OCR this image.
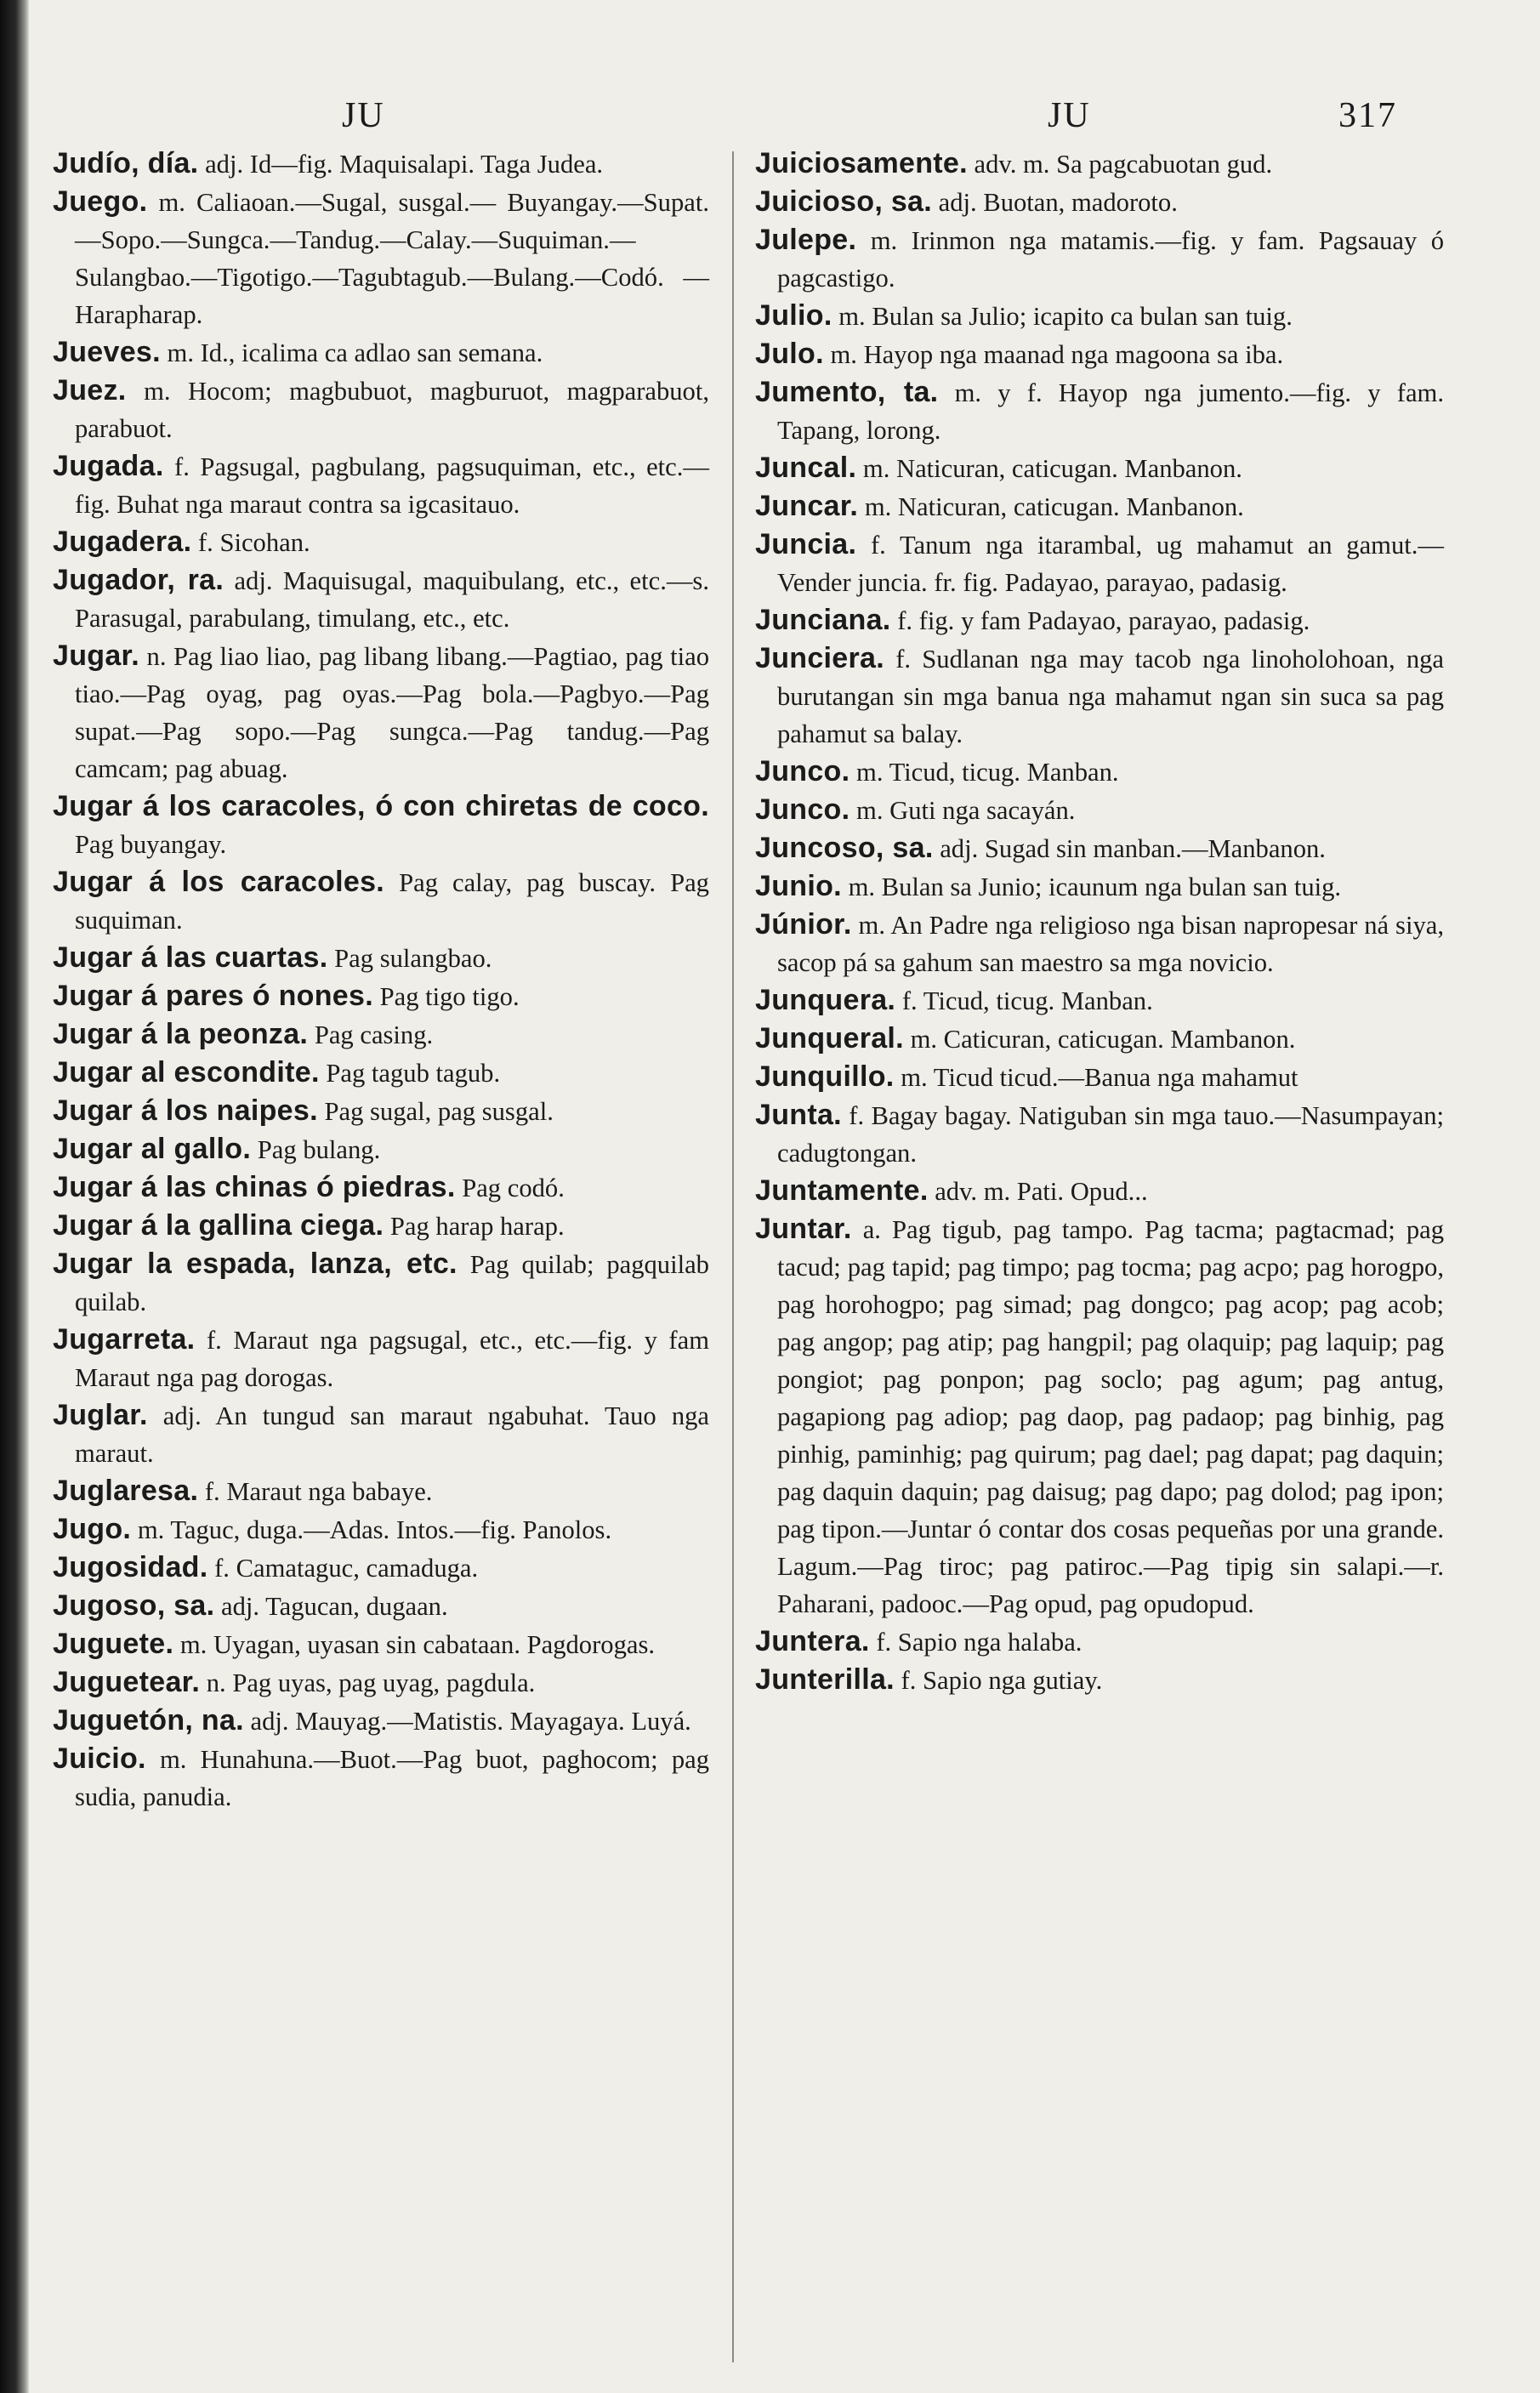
JU	JU	317

Judío, día. adj. Id—fig. Maquisalapi. Taga Judea.

Juego. m. Caliaoan.—Sugal, susgal.— Buyangay.—Supat.—Sopo.—Sungca.—Tandug.—Calay.—Suquiman.—Sulangbao.—Tigotigo.—Tagubtagub.—Bulang.—Codó. —Harapharap.

Jueves. m. Id., icalima ca adlao san semana.

Juez. m. Hocom; magbubuot, magburuot, magparabuot, parabuot.

Jugada. f. Pagsugal, pagbulang, pagsuquiman, etc., etc.—fig. Buhat nga maraut contra sa igcasitauo.

Jugadera. f. Sicohan.

Jugador, ra. adj. Maquisugal, maquibulang, etc., etc.—s. Parasugal, parabulang, timulang, etc., etc.

Jugar. n. Pag liao liao, pag libang libang.—Pagtiao, pag tiao tiao.—Pag oyag, pag oyas.—Pag bola.—Pagbyo.—Pag supat.—Pag sopo.—Pag sungca.—Pag tandug.—Pag camcam; pag abuag.

Jugar á los caracoles, ó con chiretas de coco. Pag buyangay.

Jugar á los caracoles. Pag calay, pag buscay. Pag suquiman.

Jugar á las cuartas. Pag sulangbao.

Jugar á pares ó nones. Pag tigo tigo.

Jugar á la peonza. Pag casing.

Jugar al escondite. Pag tagub tagub.

Jugar á los naipes. Pag sugal, pag susgal.

Jugar al gallo. Pag bulang.

Jugar á las chinas ó piedras. Pag codó.

Jugar á la gallina ciega. Pag harap harap.

Jugar la espada, lanza, etc. Pag quilab; pagquilab quilab.

Jugarreta. f. Maraut nga pagsugal, etc., etc.—fig. y fam Maraut nga pag dorogas.

Juglar. adj. An tungud san maraut ngabuhat. Tauo nga maraut.

Juglaresa. f. Maraut nga babaye.

Jugo. m. Taguc, duga.—Adas. Intos.—fig. Panolos.

Jugosidad. f. Camataguc, camaduga.

Jugoso, sa. adj. Tagucan, dugaan.

Juguete. m. Uyagan, uyasan sin cabataan. Pagdorogas.

Juguetear. n. Pag uyas, pag uyag, pagdula.

Juguetón, na. adj. Mauyag.—Matistis. Mayagaya. Luyá.

Juicio. m. Hunahuna.—Buot.—Pag buot, paghocom; pag sudia, panudia.

Juiciosamente. adv. m. Sa pagcabuotan gud.

Juicioso, sa. adj. Buotan, madoroto.

Julepe. m. Irinmon nga matamis.—fig. y fam. Pagsauay ó pagcastigo.

Julio. m. Bulan sa Julio; icapito ca bulan san tuig.

Julo. m. Hayop nga maanad nga magoona sa iba.

Jumento, ta. m. y f. Hayop nga jumento.—fig. y fam. Tapang, lorong.

Juncal. m. Naticuran, caticugan. Manbanon.

Juncar. m. Naticuran, caticugan. Manbanon.

Juncia. f. Tanum nga itarambal, ug mahamut an gamut.—Vender juncia. fr. fig. Padayao, parayao, padasig.

Junciana. f. fig. y fam Padayao, parayao, padasig.

Junciera. f. Sudlanan nga may tacob nga linoholohoan, nga burutangan sin mga banua nga mahamut ngan sin suca sa pag pahamut sa balay.

Junco. m. Ticud, ticug. Manban.

Junco. m. Guti nga sacayán.

Juncoso, sa. adj. Sugad sin manban.—Manbanon.

Junio. m. Bulan sa Junio; icaunum nga bulan san tuig.

Júnior. m. An Padre nga religioso nga bisan napropesar ná siya, sacop pá sa gahum san maestro sa mga novicio.

Junquera. f. Ticud, ticug. Manban.

Junqueral. m. Caticuran, caticugan. Mambanon.

Junquillo. m. Ticud ticud.—Banua nga mahamut

Junta. f. Bagay bagay. Natiguban sin mga tauo.—Nasumpayan; cadugtongan.

Juntamente. adv. m. Pati. Opud...

Juntar. a. Pag tigub, pag tampo. Pag tacma; pagtacmad; pag tacud; pag tapid; pag timpo; pag tocma; pag acpo; pag horogpo, pag horohogpo; pag simad; pag dongco; pag acop; pag acob; pag angop; pag atip; pag hangpil; pag olaquip; pag laquip; pag pongiot; pag ponpon; pag soclo; pag agum; pag antug, pagapiong pag adiop; pag daop, pag padaop; pag binhig, pag pinhig, paminhig; pag quirum; pag dael; pag dapat; pag daquin; pag daquin daquin; pag daisug; pag dapo; pag dolod; pag ipon; pag tipon.—Juntar ó contar dos cosas pequeñas por una grande. Lagum.—Pag tiroc; pag patiroc.—Pag tipig sin salapi.—r. Paharani, padooc.—Pag opud, pag opudopud.

Juntera. f. Sapio nga halaba.

Junterilla. f. Sapio nga gutiay.
